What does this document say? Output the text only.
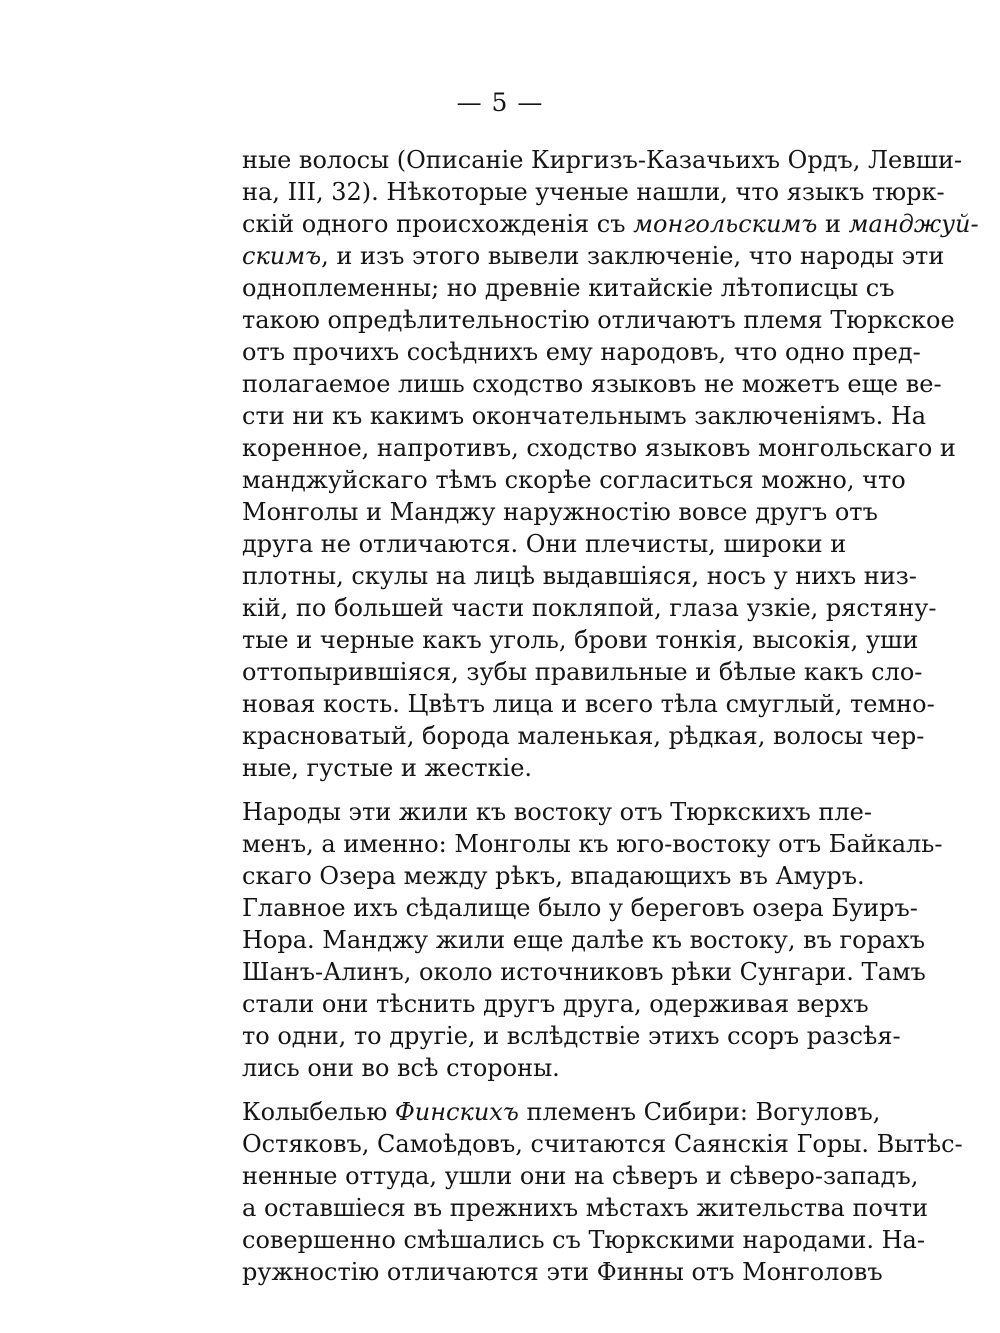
— 5 —

ные волосы (Описаніе Киргизъ-Казачьихъ Ордъ, Левши-
на, III, 32). Нѣкоторые ученые нашли, что языкъ тюрк-
скій одного происхожденія съ монгольскимъ и манджуй-
скимъ, и изъ этого вывели заключеніе, что народы эти
одноплеменны; но древніе китайскіе лѣтописцы съ
такою опредѣлительностію отличаютъ племя Тюркское
отъ прочихъ сосѣднихъ ему народовъ, что одно пред-
полагаемое лишь сходство языковъ не можетъ еще ве-
сти ни къ какимъ окончательнымъ заключеніямъ. На
коренное, напротивъ, сходство языковъ монгольскаго и
манджуйскаго тѣмъ скорѣе согласиться можно, что
Монголы и Манджу наружностію вовсе другъ отъ
друга не отличаются. Они плечисты, широки и
плотны, скулы на лицѣ выдавшіяся, носъ у нихъ низ-
кій, по большей части покляпой, глаза узкіе, рястяну-
тые и черные какъ уголь, брови тонкія, высокія, уши
оттопырившіяся, зубы правильные и бѣлые какъ сло-
новая кость. Цвѣтъ лица и всего тѣла смуглый, темно-
красноватый, борода маленькая, рѣдкая, волосы чер-
ные, густые и жесткіе.

Народы эти жили къ востоку отъ Тюркскихъ пле-
менъ, а именно: Монголы къ юго-востоку отъ Байкаль-
скаго Озера между рѣкъ, впадающихъ въ Амуръ.
Главное ихъ сѣдалище было у береговъ озера Буиръ-
Нора. Манджу жили еще далѣе къ востоку, въ горахъ
Шанъ-Алинъ, около источниковъ рѣки Сунгари. Тамъ
стали они тѣснить другъ друга, одерживая верхъ
то одни, то другіе, и вслѣдствіе этихъ ссоръ разсѣя-
лись они во всѣ стороны.

Колыбелью Финскихъ племенъ Сибири: Вогуловъ,
Остяковъ, Самоѣдовъ, считаются Саянскія Горы. Вытѣс-
ненные оттуда, ушли они на сѣверъ и сѣверо-западъ,
а оставшіеся въ прежнихъ мѣстахъ жительства почти
совершенно смѣшались съ Тюркскими народами. На-
ружностію отличаются эти Финны отъ Монголовъ
